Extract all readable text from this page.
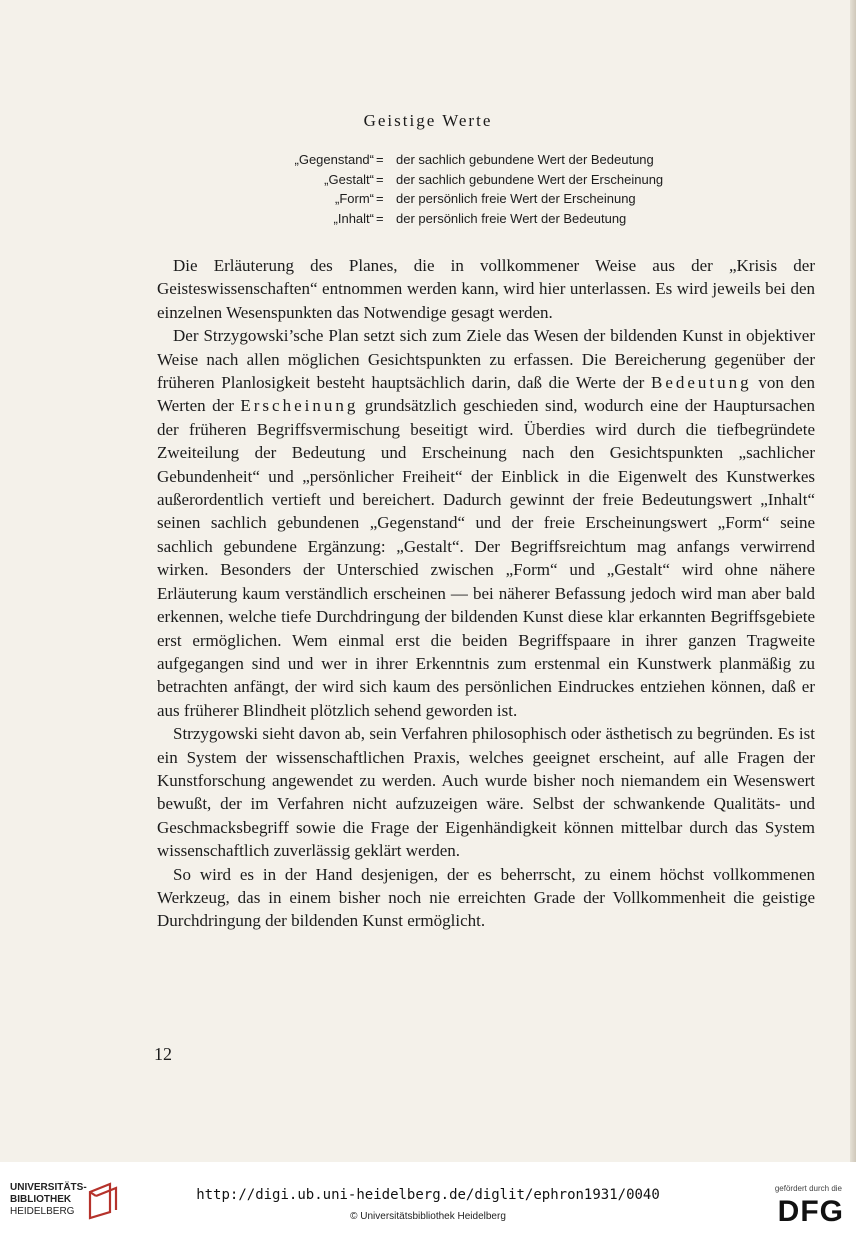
Geistige Werte
„Gegenstand“ = der sachlich gebundene Wert der Bedeutung
„Gestalt“ = der sachlich gebundene Wert der Erscheinung
„Form“ = der persönlich freie Wert der Erscheinung
„Inhalt“ = der persönlich freie Wert der Bedeutung

Die Erläuterung des Planes, die in vollkommener Weise aus der „Krisis der Geisteswissenschaften“ entnommen werden kann, wird hier unterlassen. Es wird jeweils bei den einzelnen Wesenspunkten das Notwendige gesagt werden.

Der Strzygowski’sche Plan setzt sich zum Ziele das Wesen der bildenden Kunst in objektiver Weise nach allen möglichen Gesichtspunkten zu erfassen. Die Bereicherung gegenüber der früheren Planlosigkeit besteht hauptsächlich darin, daß die Werte der Bedeutung von den Werten der Erscheinung grundsätzlich geschieden sind, wodurch eine der Hauptursachen der früheren Begriffsvermischung beseitigt wird. Überdies wird durch die tiefbegründete Zweiteilung der Bedeutung und Erscheinung nach den Gesichtspunkten „sachlicher Gebundenheit“ und „persönlicher Freiheit“ der Einblick in die Eigenwelt des Kunstwerkes außerordentlich vertieft und bereichert. Dadurch gewinnt der freie Bedeutungswert „Inhalt“ seinen sachlich gebundenen „Gegenstand“ und der freie Erscheinungswert „Form“ seine sachlich gebundene Ergänzung: „Gestalt“. Der Begriffsreichtum mag anfangs verwirrend wirken. Besonders der Unterschied zwischen „Form“ und „Gestalt“ wird ohne nähere Erläuterung kaum verständlich erscheinen — bei näherer Befassung jedoch wird man aber bald erkennen, welche tiefe Durchdringung der bildenden Kunst diese klar erkannten Begriffsgebiete erst ermöglichen. Wem einmal erst die beiden Begriffspaare in ihrer ganzen Tragweite aufgegangen sind und wer in ihrer Erkenntnis zum erstenmal ein Kunstwerk planmäßig zu betrachten anfängt, der wird sich kaum des persönlichen Eindruckes entziehen können, daß er aus früherer Blindheit plötzlich sehend geworden ist.

Strzygowski sieht davon ab, sein Verfahren philosophisch oder ästhetisch zu begründen. Es ist ein System der wissenschaftlichen Praxis, welches geeignet erscheint, auf alle Fragen der Kunstforschung angewendet zu werden. Auch wurde bisher noch niemandem ein Wesenswert bewußt, der im Verfahren nicht aufzuzeigen wäre. Selbst der schwankende Qualitäts- und Geschmacksbegriff sowie die Frage der Eigenhändigkeit können mittelbar durch das System wissenschaftlich zuverlässig geklärt werden.

So wird es in der Hand desjenigen, der es beherrscht, zu einem höchst vollkommenen Werkzeug, das in einem bisher noch nie erreichten Grade der Vollkommenheit die geistige Durchdringung der bildenden Kunst ermöglicht.

12
UNIVERSITÄTS-
BIBLIOTHEK
HEIDELBERG
http://digi.ub.uni-heidelberg.de/diglit/ephron1931/0040
© Universitätsbibliothek Heidelberg
gefördert durch die
DFG
